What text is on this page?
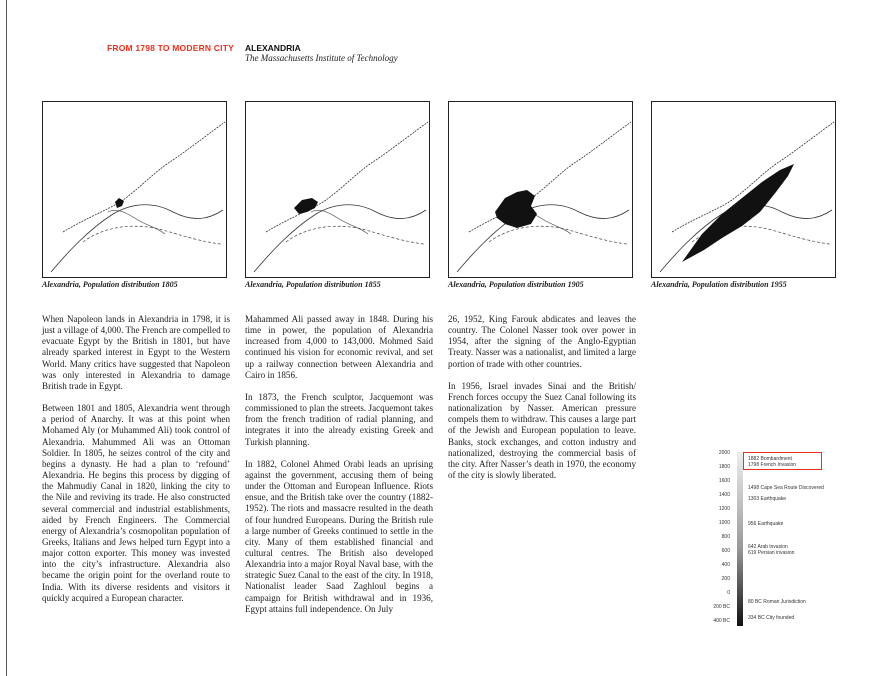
FROM 1798 TO MODERN CITY ALEXANDRIA
The Massachusetts Institute of Technology
Alexandria, Population distribution 1805	Alexandria, Population distribution 1855	Alexandria, Population distribution 1905	Alexandria, Population distribution 1955

When Napoleon lands in Alexandria in 1798, it is just a village of 4,000. The French are compelled to evacuate Egypt by the British in 1801, but have already sparked interest in Egypt to the Western World. Many critics have suggested that Napoleon was only interested in Alexandria to damage British trade in Egypt.

Between 1801 and 1805, Alexandria went through a period of Anarchy. It was at this point when Mohamed Aly (or Muhammed Ali) took control of Alexandria. Mahummed Ali was an Ottoman Soldier. In 1805, he seizes control of the city and begins a dynasty. He had a plan to ‘refound’ Alexandria. He begins this process by digging of the Mahmudiy Canal in 1820, linking the city to the Nile and reviving its trade. He also constructed several commercial and industrial establishments, aided by French Engineers. The Commercial energy of Alexandria’s cosmopolitan population of Greeks, Italians and Jews helped turn Egypt into a major cotton exporter. This money was invested into the city’s infrastructure. Alexandria also became the origin point for the overland route to India. With its diverse residents and visitors it quickly acquired a European character.

Mahammed Ali passed away in 1848. During his time in power, the population of Alexandria increased from 4,000 to 143,000. Mohmed Said continued his vision for economic revival, and set up a railway connection between Alexandria and Cairo in 1856.

In 1873, the French sculptor, Jacquemont was commissioned to plan the streets. Jacquemont takes from the french tradition of radial planning, and integrates it into the already existing Greek and Turkish planning.

In 1882, Colonel Ahmed Orabi leads an uprising against the government, accusing them of being under the Ottoman and European Influence. Riots ensue, and the British take over the country (1882-1952). The riots and massacre resulted in the death of four hundred Europeans. During the British rule a large number of Greeks continued to settle in the city. Many of them established financial and cultural centres. The British also developed Alexandria into a major Royal Naval base, with the strategic Suez Canal to the east of the city. In 1918, Nationalist leader Saad Zaghloul begins a campaign for British withdrawal and in 1936, Egypt attains full independence. On July

26, 1952, King Farouk abdicates and leaves the country. The Colonel Nasser took over power in 1954, after the signing of the Anglo-Egyptian Treaty. Nasser was a nationalist, and limited a large portion of trade with other countries.

In 1956, Israel invades Sinai and the British/ French forces occupy the Suez Canal following its nationalization by Nasser. American pressure compels them to withdraw. This causes a large part of the Jewish and European population to leave. Banks, stock exchanges, and cotton industry and nationalized, destroying the commercial basis of the city. After Nasser’s death in 1970, the economy of the city is slowly liberated.

2000
1800
1600
1400
1200
1000
800
600
400
200
0
200 BC
400 BC
1882 Bombardment
1798 French Invasion
1498 Cape Sea Route Discovered
1303 Earthquake
956 Earthquake
642 Arab invasion
619 Persian invasion
80 BC Roman Jurisdiction
334 BC City founded
